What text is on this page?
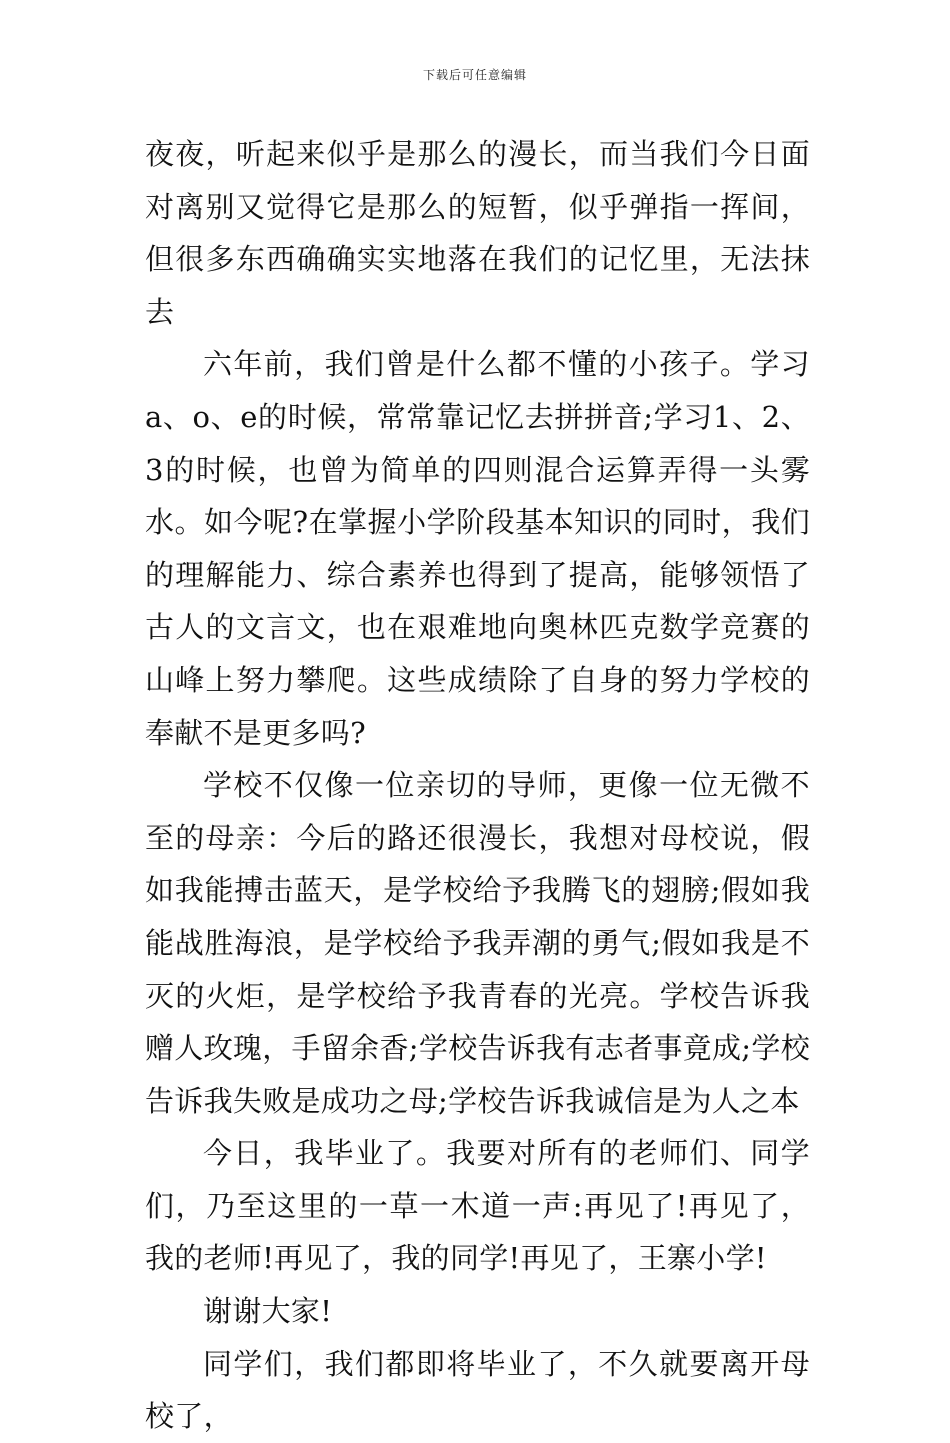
下载后可任意编辑

夜夜，听起来似乎是那么的漫长，而当我们今日面对离别又觉得它是那么的短暂，似乎弹指一挥间，但很多东西确确实实地落在我们的记忆里，无法抹去

六年前，我们曾是什么都不懂的小孩子。学习a、o、e的时候，常常靠记忆去拼拼音;学习1、2、3的时候，也曾为简单的四则混合运算弄得一头雾水。如今呢?在掌握小学阶段基本知识的同时，我们的理解能力、综合素养也得到了提高，能够领悟了古人的文言文，也在艰难地向奥林匹克数学竞赛的山峰上努力攀爬。这些成绩除了自身的努力学校的奉献不是更多吗?

学校不仅像一位亲切的导师，更像一位无微不至的母亲：今后的路还很漫长，我想对母校说，假如我能搏击蓝天，是学校给予我腾飞的翅膀;假如我能战胜海浪，是学校给予我弄潮的勇气;假如我是不灭的火炬，是学校给予我青春的光亮。学校告诉我赠人玫瑰，手留余香;学校告诉我有志者事竟成;学校告诉我失败是成功之母;学校告诉我诚信是为人之本

今日，我毕业了。我要对所有的老师们、同学们，乃至这里的一草一木道一声:再见了!再见了，我的老师!再见了，我的同学!再见了，王寨小学!

谢谢大家!

同学们，我们都即将毕业了，不久就要离开母校了，
